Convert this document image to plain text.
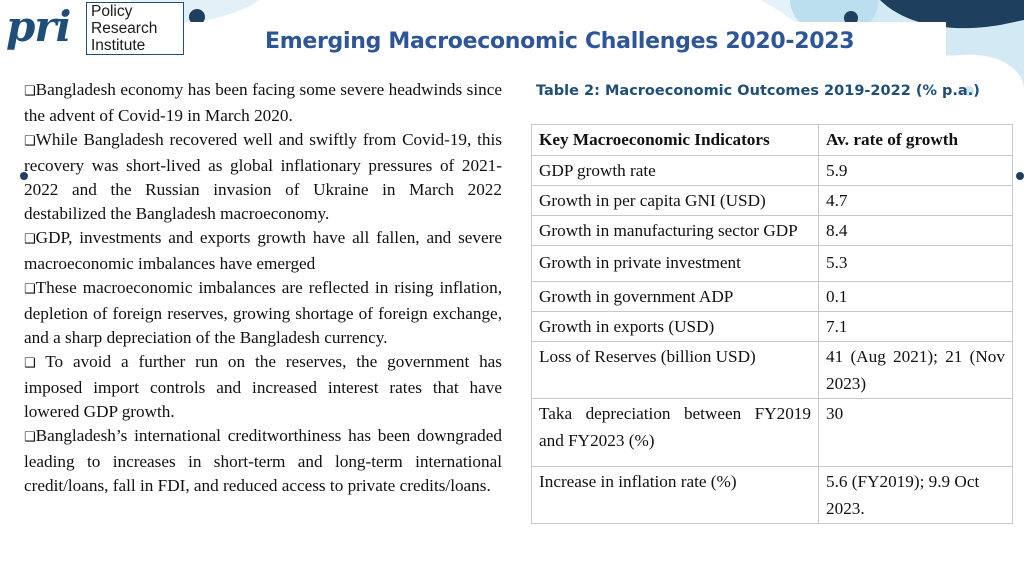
pri Policy
Research
Institute	Emerging Macroeconomic Challenges 2020-2023

❑Bangladesh economy has been facing some severe headwinds since the advent of Covid-19 in March 2020.

❑While Bangladesh recovered well and swiftly from Covid-19, this recovery was short-lived as global inflationary pressures of 2021-2022 and the Russian invasion of Ukraine in March 2022 destabilized the Bangladesh macroeconomy.

❑GDP, investments and exports growth have all fallen, and severe macroeconomic imbalances have emerged

❑These macroeconomic imbalances are reflected in rising inflation, depletion of foreign reserves, growing shortage of foreign exchange, and a sharp depreciation of the Bangladesh currency.

❑ To avoid a further run on the reserves, the government has imposed import controls and increased interest rates that have lowered GDP growth.

❑Bangladesh’s international creditworthiness has been downgraded leading to increases in short-term and long-term international credit/loans, fall in FDI, and reduced access to private credits/loans.

Table 2: Macroeconomic Outcomes 2019-2022 (% p.a.)
Key Macroeconomic Indicators	Av. rate of growth
GDP growth rate	5.9
Growth in per capita GNI (USD)	4.7
Growth in manufacturing sector GDP	8.4
Growth in private investment	5.3
Growth in government ADP	0.1
Growth in exports (USD)	7.1
Loss of Reserves (billion USD)	41 (Aug 2021); 21 (Nov 2023)
Taka depreciation between FY2019 and FY2023 (%)	30
Increase in inflation rate (%)	5.6 (FY2019); 9.9 Oct 2023.
